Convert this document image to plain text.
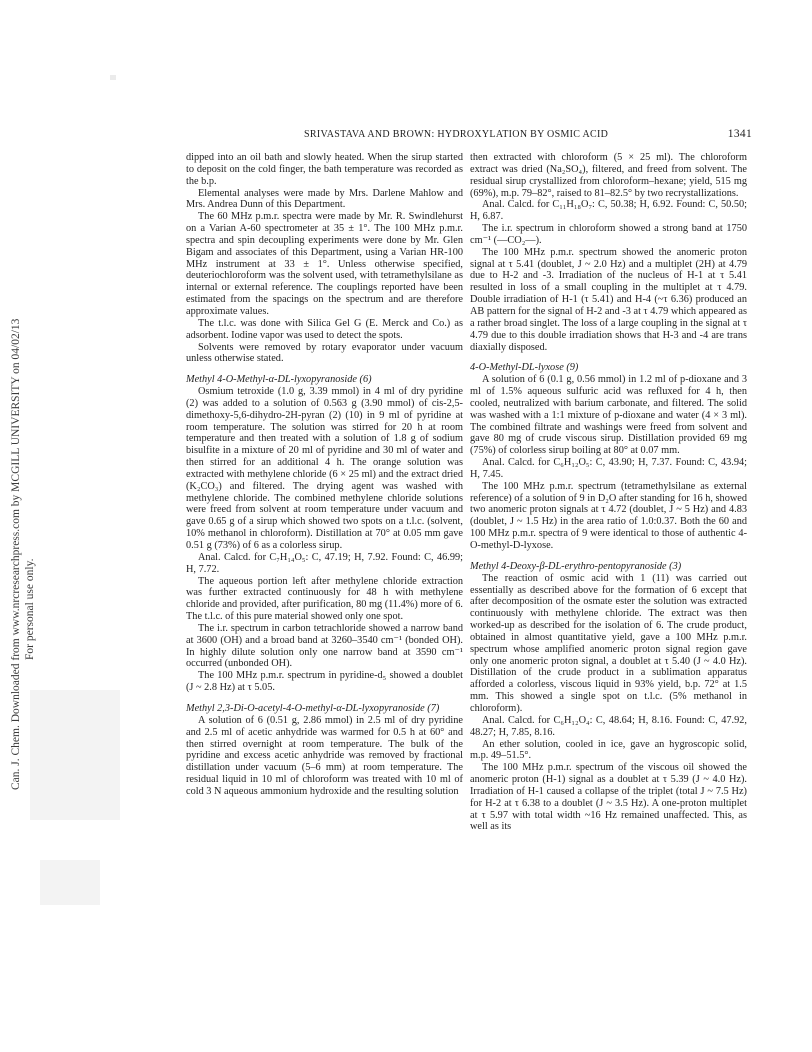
Can. J. Chem. Downloaded from www.nrcresearchpress.com by MCGILL UNIVERSITY on 04/02/13 For personal use only.
SRIVASTAVA AND BROWN: HYDROXYLATION BY OSMIC ACID	1341

dipped into an oil bath and slowly heated. When the sirup started to deposit on the cold finger, the bath temperature was recorded as the b.p.

Elemental analyses were made by Mrs. Darlene Mahlow and Mrs. Andrea Dunn of this Department.

The 60 MHz p.m.r. spectra were made by Mr. R. Swindlehurst on a Varian A-60 spectrometer at 35 ± 1°. The 100 MHz p.m.r. spectra and spin decoupling experiments were done by Mr. Glen Bigam and associates of this Department, using a Varian HR-100 MHz instrument at 33 ± 1°. Unless otherwise specified, deuteriochloroform was the solvent used, with tetramethylsilane as internal or external reference. The couplings reported have been estimated from the spacings on the spectrum and are therefore approximate values.

The t.l.c. was done with Silica Gel G (E. Merck and Co.) as adsorbent. Iodine vapor was used to detect the spots.

Solvents were removed by rotary evaporator under vacuum unless otherwise stated.

Methyl 4-O-Methyl-α-DL-lyxopyranoside (6)

Osmium tetroxide (1.0 g, 3.39 mmol) in 4 ml of dry pyridine (2) was added to a solution of 0.563 g (3.90 mmol) of cis-2,5-dimethoxy-5,6-dihydro-2H-pyran (2) (10) in 9 ml of pyridine at room temperature. The solution was stirred for 20 h at room temperature and then treated with a solution of 1.8 g of sodium bisulfite in a mixture of 20 ml of pyridine and 30 ml of water and then stirred for an additional 4 h. The orange solution was extracted with methylene chloride (6 × 25 ml) and the extract dried (K₂CO₃) and filtered. The drying agent was washed with methylene chloride. The combined methylene chloride solutions were freed from solvent at room temperature under vacuum and gave 0.65 g of a sirup which showed two spots on a t.l.c. (solvent, 10% methanol in chloroform). Distillation at 70° at 0.05 mm gave 0.51 g (73%) of 6 as a colorless sirup.

Anal. Calcd. for C₇H₁₄O₅: C, 47.19; H, 7.92. Found: C, 46.99; H, 7.72.

The aqueous portion left after methylene chloride extraction was further extracted continuously for 48 h with methylene chloride and provided, after purification, 80 mg (11.4%) more of 6. The t.l.c. of this pure material showed only one spot.

The i.r. spectrum in carbon tetrachloride showed a narrow band at 3600 (OH) and a broad band at 3260–3540 cm⁻¹ (bonded OH). In highly dilute solution only one narrow band at 3590 cm⁻¹ occurred (unbonded OH).

The 100 MHz p.m.r. spectrum in pyridine-d₅ showed a doublet (J ~ 2.8 Hz) at τ 5.05.

Methyl 2,3-Di-O-acetyl-4-O-methyl-α-DL-lyxopyranoside (7)

A solution of 6 (0.51 g, 2.86 mmol) in 2.5 ml of dry pyridine and 2.5 ml of acetic anhydride was warmed for 0.5 h at 60° and then stirred overnight at room temperature. The bulk of the pyridine and excess acetic anhydride was removed by fractional distillation under vacuum (5–6 mm) at room temperature. The residual liquid in 10 ml of chloroform was treated with 10 ml of cold 3 N aqueous ammonium hydroxide and the resulting solution

then extracted with chloroform (5 × 25 ml). The chloroform extract was dried (Na₂SO₄), filtered, and freed from solvent. The residual sirup crystallized from chloroform–hexane; yield, 515 mg (69%), m.p. 79–82°, raised to 81–82.5° by two recrystallizations.

Anal. Calcd. for C₁₁H₁₈O₇: C, 50.38; H, 6.92. Found: C, 50.50; H, 6.87.

The i.r. spectrum in chloroform showed a strong band at 1750 cm⁻¹ (—CO₂—).

The 100 MHz p.m.r. spectrum showed the anomeric proton signal at τ 5.41 (doublet, J ~ 2.0 Hz) and a multiplet (2H) at 4.79 due to H-2 and -3. Irradiation of the nucleus of H-1 at τ 5.41 resulted in loss of a small coupling in the multiplet at τ 4.79. Double irradiation of H-1 (τ 5.41) and H-4 (~τ 6.36) produced an AB pattern for the signal of H-2 and -3 at τ 4.79 which appeared as a rather broad singlet. The loss of a large coupling in the signal at τ 4.79 due to this double irradiation shows that H-3 and -4 are trans diaxially disposed.

4-O-Methyl-DL-lyxose (9)

A solution of 6 (0.1 g, 0.56 mmol) in 1.2 ml of p-dioxane and 3 ml of 1.5% aqueous sulfuric acid was refluxed for 4 h, then cooled, neutralized with barium carbonate, and filtered. The solid was washed with a 1:1 mixture of p-dioxane and water (4 × 3 ml). The combined filtrate and washings were freed from solvent and gave 80 mg of crude viscous sirup. Distillation provided 69 mg (75%) of colorless sirup boiling at 80° at 0.07 mm.

Anal. Calcd. for C₆H₁₂O₅: C, 43.90; H, 7.37. Found: C, 43.94; H, 7.45.

The 100 MHz p.m.r. spectrum (tetramethylsilane as external reference) of a solution of 9 in D₂O after standing for 16 h, showed two anomeric proton signals at τ 4.72 (doublet, J ~ 5 Hz) and 4.83 (doublet, J ~ 1.5 Hz) in the area ratio of 1.0:0.37. Both the 60 and 100 MHz p.m.r. spectra of 9 were identical to those of authentic 4-O-methyl-D-lyxose.

Methyl 4-Deoxy-β-DL-erythro-pentopyranoside (3)

The reaction of osmic acid with 1 (11) was carried out essentially as described above for the formation of 6 except that after decomposition of the osmate ester the solution was extracted continuously with methylene chloride. The extract was then worked-up as described for the isolation of 6. The crude product, obtained in almost quantitative yield, gave a 100 MHz p.m.r. spectrum whose amplified anomeric proton signal region gave only one anomeric proton signal, a doublet at τ 5.40 (J ~ 4.0 Hz). Distillation of the crude product in a sublimation apparatus afforded a colorless, viscous liquid in 93% yield, b.p. 72° at 1.5 mm. This showed a single spot on t.l.c. (5% methanol in chloroform).

Anal. Calcd. for C₆H₁₂O₄: C, 48.64; H, 8.16. Found: C, 47.92, 48.27; H, 7.85, 8.16.

An ether solution, cooled in ice, gave an hygroscopic solid, m.p. 49–51.5°.

The 100 MHz p.m.r. spectrum of the viscous oil showed the anomeric proton (H-1) signal as a doublet at τ 5.39 (J ~ 4.0 Hz). Irradiation of H-1 caused a collapse of the triplet (total J ~ 7.5 Hz) for H-2 at τ 6.38 to a doublet (J ~ 3.5 Hz). A one-proton multiplet at τ 5.97 with total width ~16 Hz remained unaffected. This, as well as its
